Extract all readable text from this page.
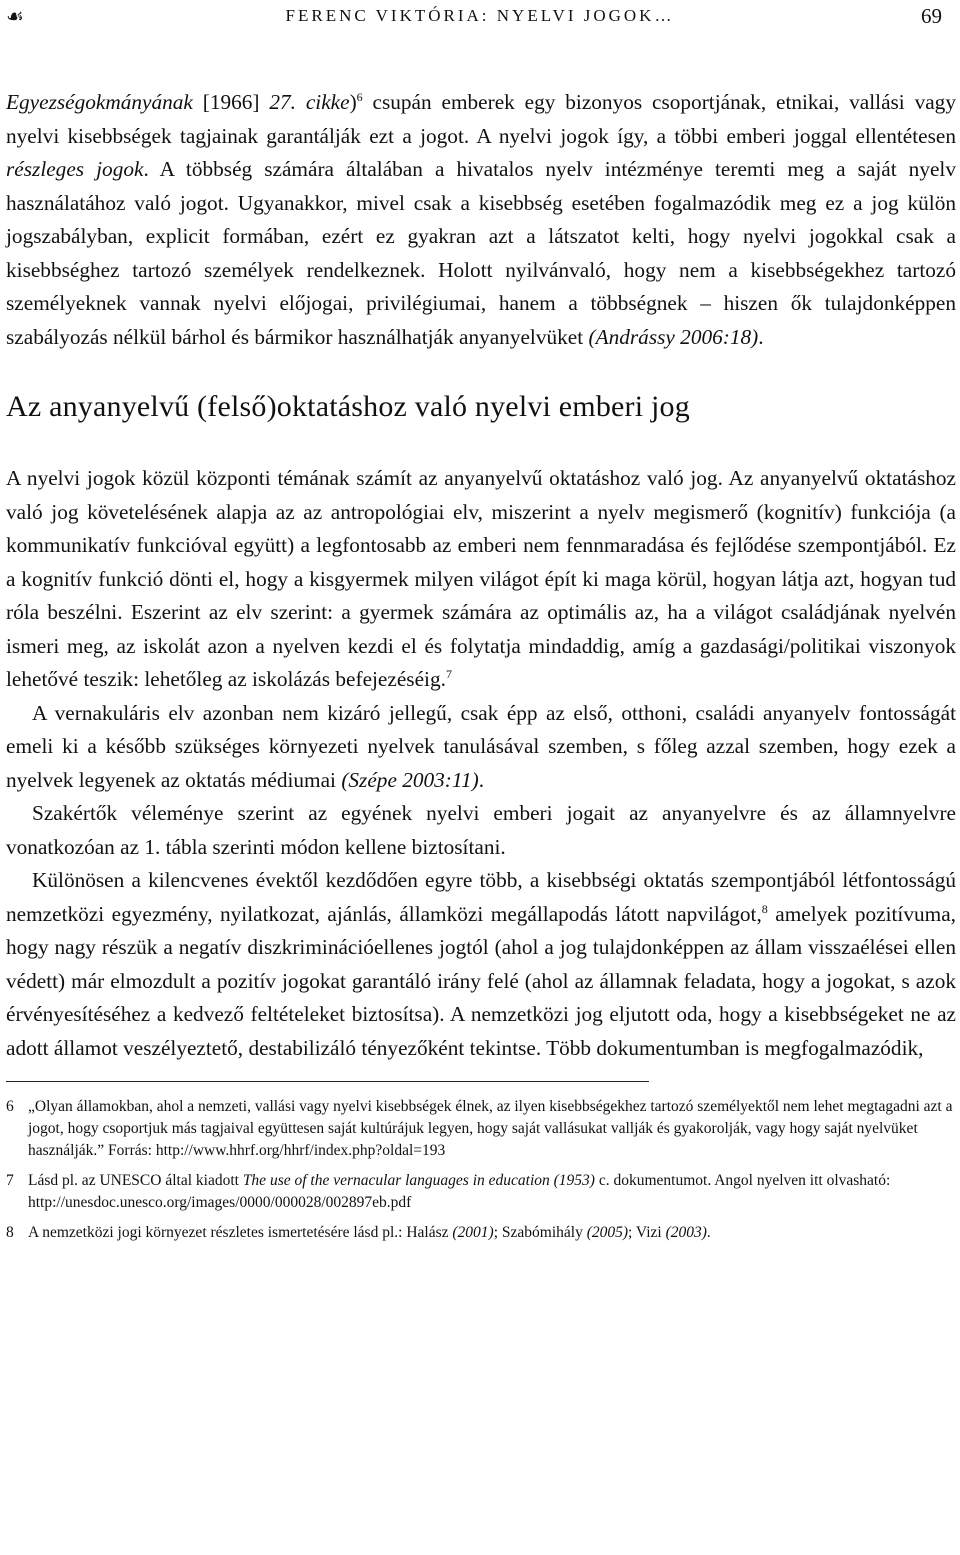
☙	FERENC VIKTÓRIA: NYELVI JOGOK…	69

Egyezségokmányának [1966] 27. cikke)$^6$ csupán emberek egy bizonyos csoportjának, etnikai, vallási vagy nyelvi kisebbségek tagjainak garantálják ezt a jogot. A nyelvi jogok így, a többi emberi joggal ellentétesen részleges jogok. A többség számára általában a hivatalos nyelv intézménye teremti meg a saját nyelv használatához való jogot. Ugyanakkor, mivel csak a kisebbség esetében fogalmazódik meg ez a jog külön jogszabályban, explicit formában, ezért ez gyakran azt a látszatot kelti, hogy nyelvi jogokkal csak a kisebbséghez tartozó személyek rendelkeznek. Holott nyilvánvaló, hogy nem a kisebbségekhez tartozó személyeknek vannak nyelvi előjogai, privilégiumai, hanem a többségnek – hiszen ők tulajdonképpen szabályozás nélkül bárhol és bármikor használhatják anyanyelvüket (Andrássy 2006:18).

Az anyanyelvű (felső)oktatáshoz való nyelvi emberi jog

A nyelvi jogok közül központi témának számít az anyanyelvű oktatáshoz való jog. Az anyanyelvű oktatáshoz való jog követelésének alapja az az antropológiai elv, miszerint a nyelv megismerő (kognitív) funkciója (a kommunikatív funkcióval együtt) a legfontosabb az emberi nem fennmaradása és fejlődése szempontjából. Ez a kognitív funkció dönti el, hogy a kisgyermek milyen világot épít ki maga körül, hogyan látja azt, hogyan tud róla beszélni. Eszerint az elv szerint: a gyermek számára az optimális az, ha a világot családjának nyelvén ismeri meg, az iskolát azon a nyelven kezdi el és folytatja mindaddig, amíg a gazdasági/politikai viszonyok lehetővé teszik: lehetőleg az iskolázás befejezéséig.$^7$

A vernakuláris elv azonban nem kizáró jellegű, csak épp az első, otthoni, családi anyanyelv fontosságát emeli ki a később szükséges környezeti nyelvek tanulásával szemben, s főleg azzal szemben, hogy ezek a nyelvek legyenek az oktatás médiumai (Szépe 2003:11).

Szakértők véleménye szerint az egyének nyelvi emberi jogait az anyanyelvre és az államnyelvre vonatkozóan az 1. tábla szerinti módon kellene biztosítani.

Különösen a kilencvenes évektől kezdődően egyre több, a kisebbségi oktatás szempontjából létfontosságú nemzetközi egyezmény, nyilatkozat, ajánlás, államközi megállapodás látott napvilágot,$^8$ amelyek pozitívuma, hogy nagy részük a negatív diszkriminációellenes jogtól (ahol a jog tulajdonképpen az állam visszaélései ellen védett) már elmozdult a pozitív jogokat garantáló irány felé (ahol az államnak feladata, hogy a jogokat, s azok érvényesítéséhez a kedvező feltételeket biztosítsa). A nemzetközi jog eljutott oda, hogy a kisebbségeket ne az adott államot veszélyeztető, destabilizáló tényezőként tekintse. Több dokumentumban is megfogalmazódik,

6 „Olyan államokban, ahol a nemzeti, vallási vagy nyelvi kisebbségek élnek, az ilyen kisebbségekhez tartozó személyektől nem lehet megtagadni azt a jogot, hogy csoportjuk más tagjaival együttesen saját kultúrájuk legyen, hogy saját vallásukat vallják és gyakorolják, vagy hogy saját nyelvüket használják.” Forrás: http://www.hhrf.org/hhrf/index.php?oldal=193
7 Lásd pl. az UNESCO által kiadott The use of the vernacular languages in education (1953) c. dokumentumot. Angol nyelven itt olvasható: http://unesdoc.unesco.org/images/0000/000028/002897eb.pdf
8 A nemzetközi jogi környezet részletes ismertetésére lásd pl.: Halász (2001); Szabómihály (2005); Vizi (2003).
